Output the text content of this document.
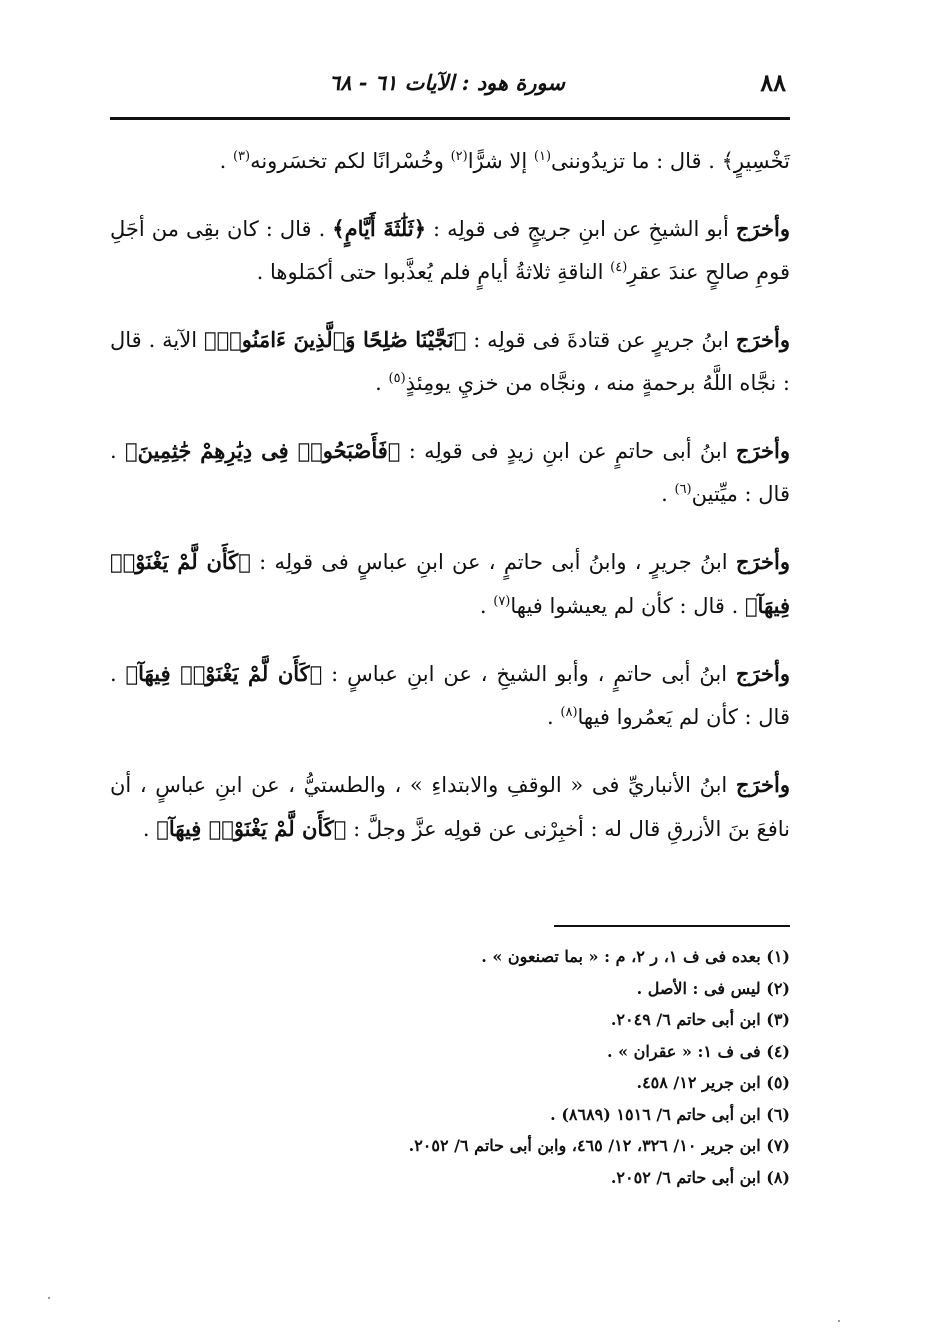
٨٨
سورة هود : الآيات ٦١ - ٦٨

تَخْسِيرٍ﴾ . قال : ما تزيدُوننى$^{(١)}$ إلا شرًّا$^{(٢)}$ وخُسْرانًا لكم تخسَرونه$^{(٣)}$ .

وأخرَج أبو الشيخِ عن ابنِ جريجٍ فى قولِه : ﴿ثَلَٰثَةَ أَيَّامٍ﴾ . قال : كان بقِى من أجَلِ قومِ صالحٍ عندَ عقرِ$^{(٤)}$ الناقةِ ثلاثةُ أيامٍ فلم يُعذَّبوا حتى أكمَلوها .

وأخرَج ابنُ جريرٍ عن قتادةَ فى قولِه : ﴿نَجَّيْنَا صَٰلِحًا وَٱلَّذِينَ ءَامَنُوا۟﴾ الآية . قال : نجَّاه اللَّهُ برحمةٍ منه ، ونجَّاه من خزيِ يومِئذٍ$^{(٥)}$ .

وأخرَج ابنُ أبى حاتمٍ عن ابنِ زيدٍ فى قولِه : ﴿فَأَصْبَحُوا۟ فِى دِيَٰرِهِمْ جَٰثِمِينَ﴾ . قال : ميِّتين$^{(٦)}$ .

وأخرَج ابنُ جريرٍ ، وابنُ أبى حاتمٍ ، عن ابنِ عباسٍ فى قولِه : ﴿كَأَن لَّمْ يَغْنَوْا۟ فِيهَآ﴾ . قال : كأن لم يعيشوا فيها$^{(٧)}$ .

وأخرَج ابنُ أبى حاتمٍ ، وأبو الشيخِ ، عن ابنِ عباسٍ : ﴿كَأَن لَّمْ يَغْنَوْا۟ فِيهَآ﴾ . قال : كأن لم يَعمُروا فيها$^{(٨)}$ .

وأخرَج ابنُ الأنباريِّ فى « الوقفِ والابتداءِ » ، والطستيُّ ، عن ابنِ عباسٍ ، أن نافعَ بنَ الأزرقِ قال له : أخبِرْنى عن قولِه عزَّ وجلَّ : ﴿كَأَن لَّمْ يَغْنَوْا۟ فِيهَآ﴾ .

(١) بعده فى ف ١، ر ٢، م : « بما تصنعون » .
(٢) ليس فى : الأصل .
(٣) ابن أبى حاتم ٦/ ٢٠٤٩.
(٤) فى ف ١: « عقران » .
(٥) ابن جرير ١٢/ ٤٥٨.
(٦) ابن أبى حاتم ٦/ ١٥١٦ (٨٦٨٩) .
(٧) ابن جرير ١٠/ ٣٢٦، ١٢/ ٤٦٥، وابن أبى حاتم ٦/ ٢٠٥٢.
(٨) ابن أبى حاتم ٦/ ٢٠٥٢.
